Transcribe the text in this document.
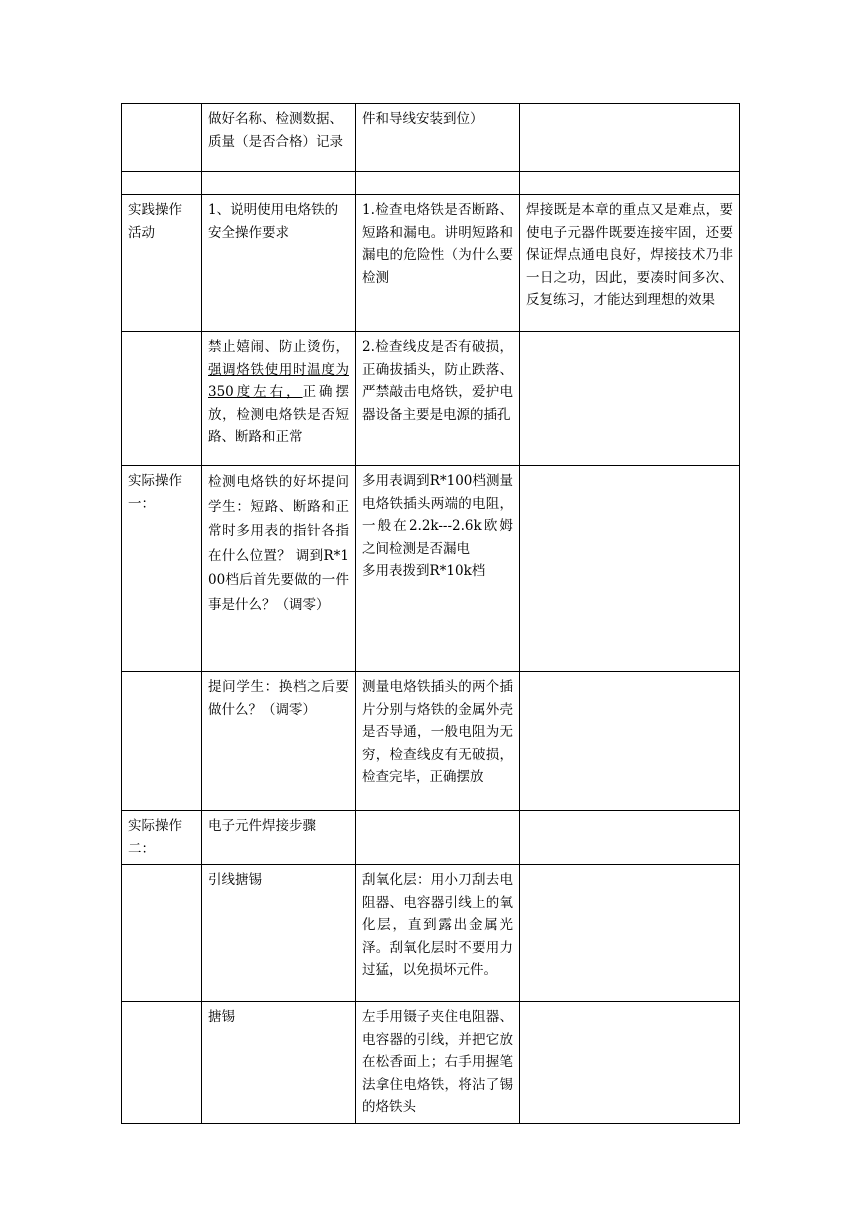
	做好名称、检测数据、质量（是否合格）记录	件和导线安装到位）	

实践操作活动	1、说明使用电烙铁的安全操作要求	1.检查电烙铁是否断路、短路和漏电。讲明短路和漏电的危险性（为什么要检测	焊接既是本章的重点又是难点，要使电子元器件既要连接牢固，还要保证焊点通电良好，焊接技术乃非一日之功，因此，要凑时间多次、反复练习，才能达到理想的效果
	禁止嬉闹、防止烫伤，强调烙铁使用时温度为350度左右，正确摆放，检测电烙铁是否短路、断路和正常	2.检查线皮是否有破损，正确拔插头，防止跌落、严禁敲击电烙铁，爱护电器设备主要是电源的插孔	
实际操作一：	检测电烙铁的好坏提问学生：短路、断路和正常时多用表的指针各指在什么位置？ 调到R*100档后首先要做的一件事是什么？（调零）	多用表调到R*100档测量电烙铁插头两端的电阻，一般在2.2k---2.6k欧姆之间检测是否漏电
多用表拨到R*10k档	

	提问学生：换档之后要做什么？（调零）	测量电烙铁插头的两个插片分别与烙铁的金属外壳是否导通，一般电阻为无穷，检查线皮有无破损，检查完毕，正确摆放	
实际操作二：	电子元件焊接步骤		
	引线搪锡	刮氧化层：用小刀刮去电阻器、电容器引线上的氧化层，直到露出金属光泽。刮氧化层时不要用力过猛，以免损坏元件。	
	搪锡	左手用镊子夹住电阻器、电容器的引线，并把它放在松香面上；右手用握笔法拿住电烙铁，将沾了锡的烙铁头	
